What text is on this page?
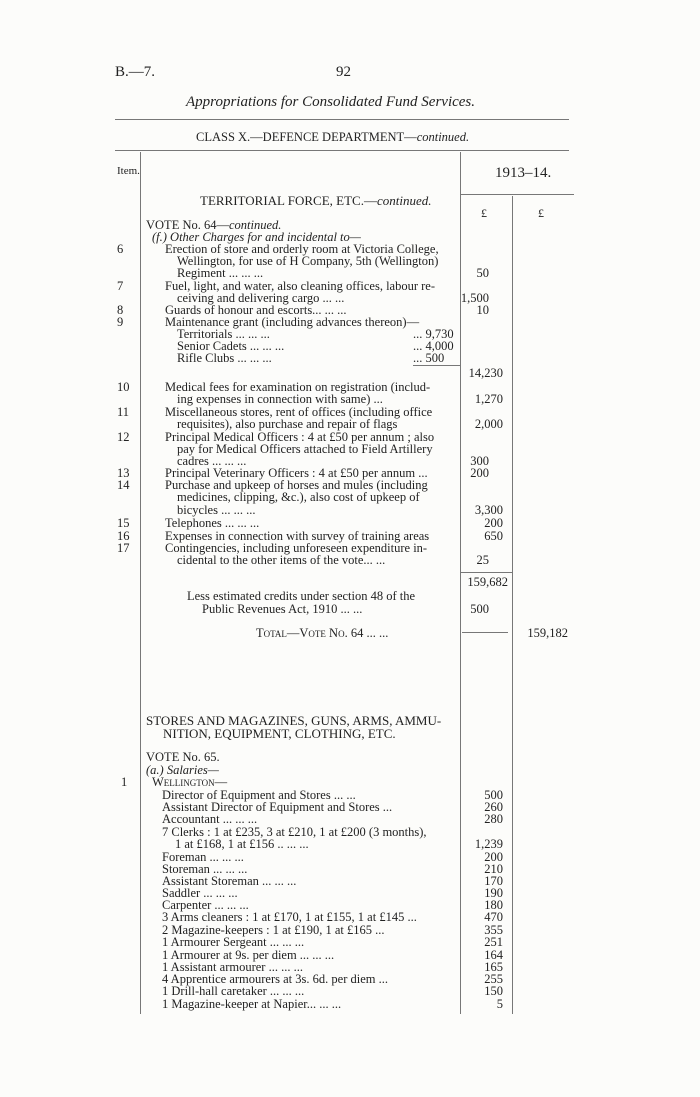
B.—7.	92
Appropriations for Consolidated Fund Services.
CLASS X.—DEFENCE DEPARTMENT—continued.
Item.	1913–14.
£	£
TERRITORIAL FORCE, ETC.—continued.
VOTE No. 64—continued.
(f.) Other Charges for and incidental to—
6	Erection of store and orderly room at Victoria College,
Wellington, for use of H Company, 5th (Wellington)
Regiment ... ... ...	50
7	Fuel, light, and water, also cleaning offices, labour re-
ceiving and delivering cargo ... ...	1,500
8	Guards of honour and escorts... ... ...	10
9	Maintenance grant (including advances thereon)—
Territorials ... ... ...	... 9,730
Senior Cadets ... ... ...	... 4,000
Rifle Clubs ... ... ...	... 500
14,230
10	Medical fees for examination on registration (includ-
ing expenses in connection with same) ...	1,270
11	Miscellaneous stores, rent of offices (including office
requisites), also purchase and repair of flags	2,000
12	Principal Medical Officers : 4 at £50 per annum ; also
pay for Medical Officers attached to Field Artillery
cadres ... ... ...	300
13	Principal Veterinary Officers : 4 at £50 per annum ...	200
14	Purchase and upkeep of horses and mules (including
medicines, clipping, &c.), also cost of upkeep of
bicycles ... ... ...	3,300
15	Telephones ... ... ...	200
16	Expenses in connection with survey of training areas	650
17	Contingencies, including unforeseen expenditure in-
cidental to the other items of the vote... ...	25
159,682
Less estimated credits under section 48 of the
Public Revenues Act, 1910 ... ...	500
Total—Vote No. 64 ... ...	159,182
STORES AND MAGAZINES, GUNS, ARMS, AMMU-
NITION, EQUIPMENT, CLOTHING, ETC.
VOTE No. 65.
(a.) Salaries—
1 Wellington—
Director of Equipment and Stores ... ...	500
Assistant Director of Equipment and Stores ...	260
Accountant ... ... ...	280
7 Clerks : 1 at £235, 3 at £210, 1 at £200 (3 months),
1 at £168, 1 at £156 .. ... ...	1,239
Foreman ... ... ...	200
Storeman ... ... ...	210
Assistant Storeman ... ... ...	170
Saddler ... ... ...	190
Carpenter ... ... ...	180
3 Arms cleaners : 1 at £170, 1 at £155, 1 at £145 ...	470
2 Magazine-keepers : 1 at £190, 1 at £165 ...	355
1 Armourer Sergeant ... ... ...	251
1 Armourer at 9s. per diem ... ... ...	164
1 Assistant armourer ... ... ...	165
4 Apprentice armourers at 3s. 6d. per diem ...	255
1 Drill-hall caretaker ... ... ...	150
1 Magazine-keeper at Napier... ... ...	5
